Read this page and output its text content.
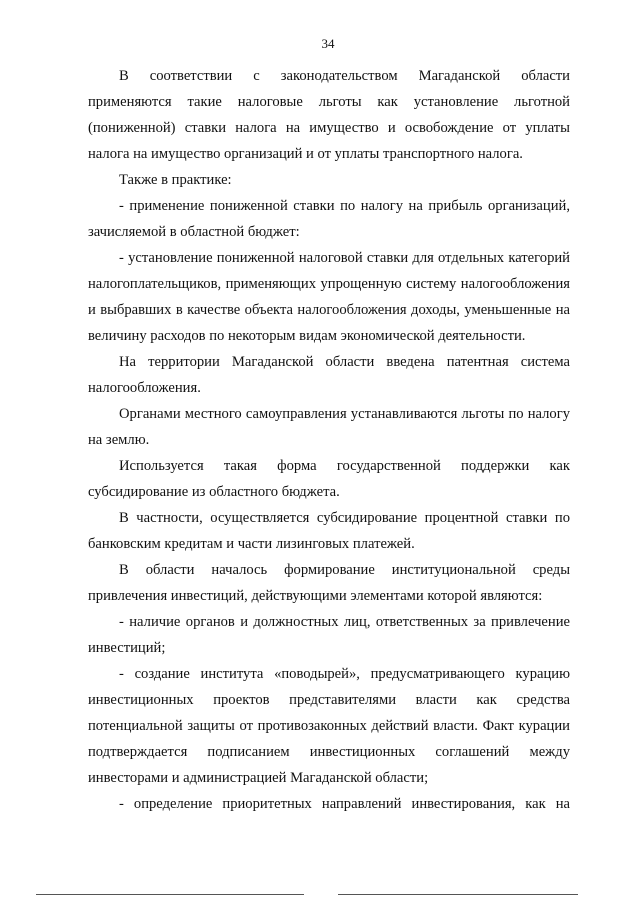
34

В соответствии с законодательством Магаданской области применяются такие налоговые льготы как установление льготной (пониженной) ставки налога на имущество и освобождение от уплаты налога на имущество организаций и от уплаты транспортного налога.

Также в практике:

- применение пониженной ставки по налогу на прибыль организаций, зачисляемой в областной бюджет:

- установление пониженной налоговой ставки для отдельных категорий налогоплательщиков, применяющих упрощенную систему налогообложения и выбравших в качестве объекта налогообложения доходы, уменьшенные на величину расходов по некоторым видам экономической деятельности.

На территории Магаданской области введена патентная система налогообложения.

Органами местного самоуправления устанавливаются льготы по налогу на землю.

Используется такая форма государственной поддержки как субсидирование из областного бюджета.

В частности, осуществляется субсидирование процентной ставки по банковским кредитам и части лизинговых платежей.

В области началось формирование институциональной среды привлечения инвестиций, действующими элементами которой являются:

- наличие органов и должностных лиц, ответственных за привлечение инвестиций;

- создание института «поводырей», предусматривающего курацию инвестиционных проектов представителями власти как средства потенциальной защиты от противозаконных действий власти. Факт курации подтверждается подписанием инвестиционных соглашений между инвесторами и администрацией Магаданской области;

- определение приоритетных направлений инвестирования, как на
